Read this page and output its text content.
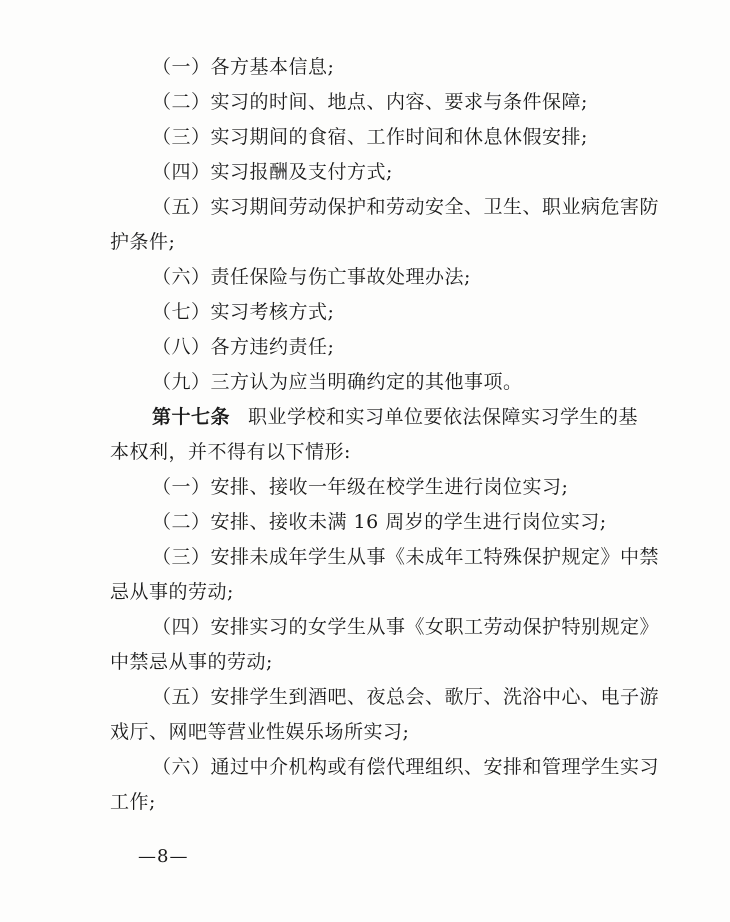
（一）各方基本信息;
（二）实习的时间、地点、内容、要求与条件保障;
（三）实习期间的食宿、工作时间和休息休假安排;
（四）实习报酬及支付方式;
（五）实习期间劳动保护和劳动安全、卫生、职业病危害防
护条件;
（六）责任保险与伤亡事故处理办法;
（七）实习考核方式;
（八）各方违约责任;
（九）三方认为应当明确约定的其他事项。
第十七条 职业学校和实习单位要依法保障实习学生的基
本权利，并不得有以下情形:
（一）安排、接收一年级在校学生进行岗位实习;
（二）安排、接收未满 16 周岁的学生进行岗位实习;
（三）安排未成年学生从事《未成年工特殊保护规定》中禁
忌从事的劳动;
（四）安排实习的女学生从事《女职工劳动保护特别规定》
中禁忌从事的劳动;
（五）安排学生到酒吧、夜总会、歌厅、洗浴中心、电子游
戏厅、网吧等营业性娱乐场所实习;
（六）通过中介机构或有偿代理组织、安排和管理学生实习
工作;
—8—
